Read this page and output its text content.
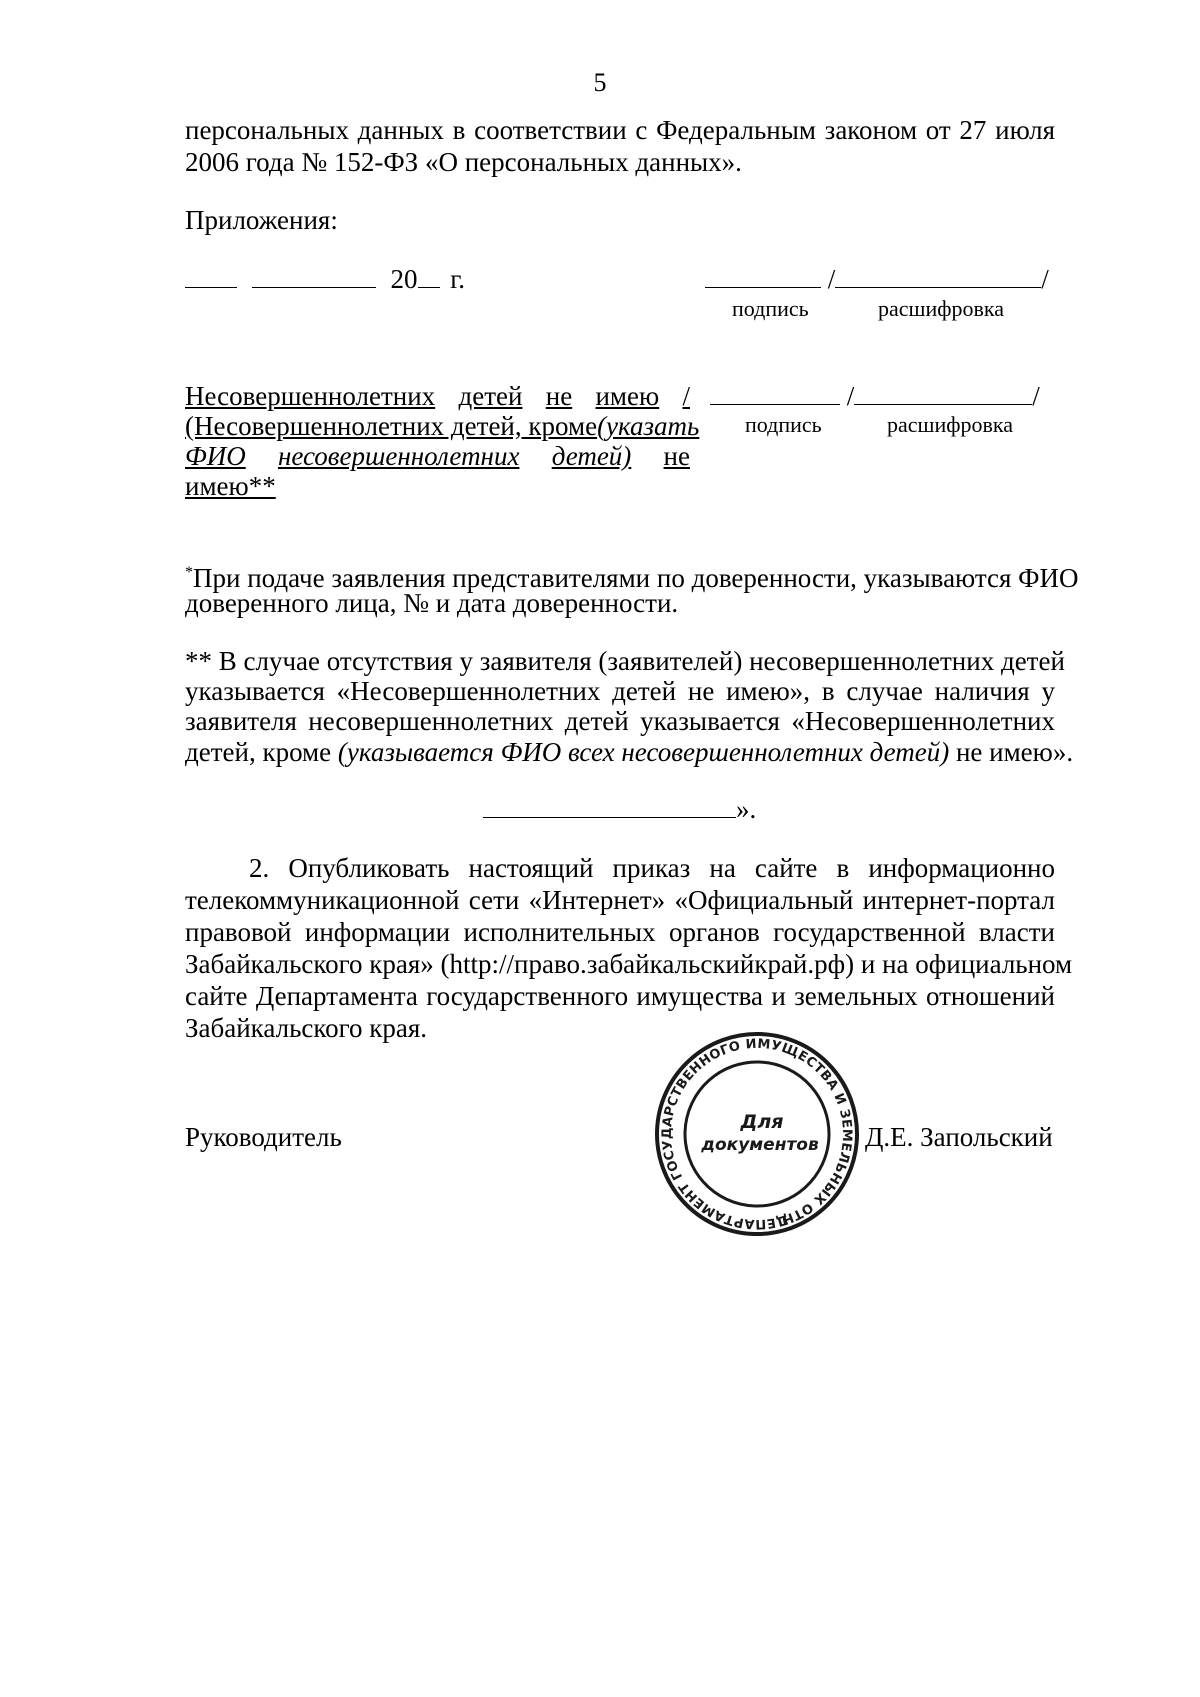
5
персональных данных в соответствии с Федеральным законом от 27 июля
2006 года № 152-ФЗ «О персональных данных».
Приложения:
20 г.	/	/
подпись	расшифровка
Несовершеннолетних детей не имею /
(Несовершеннолетних детей, кроме (указать
ФИО несовершеннолетних детей) не
имею**
/	/
подпись	расшифровка
*При подаче заявления представителями по доверенности, указываются ФИО
доверенного лица, № и дата доверенности.
** В случае отсутствия у заявителя (заявителей) несовершеннолетних детей
указывается «Несовершеннолетних детей не имею», в случае наличия у
заявителя несовершеннолетних детей указывается «Несовершеннолетних
детей, кроме (указывается ФИО всех несовершеннолетних детей) не имею».
».
2. Опубликовать настоящий приказ на сайте в информационно
телекоммуникационной сети «Интернет» «Официальный интернет-портал
правовой информации исполнительных органов государственной власти
Забайкальского края» (http://право.забайкальскийкрай.рф) и на официальном
сайте Департамента государственного имущества и земельных отношений
Забайкальского края.
Руководитель	Д.Е. Запольский
ДЕПАРТАМЕНТ ГОСУДАРСТВЕННОГО ИМУЩЕСТВА И ЗЕМЕЛЬНЫХ ОТНОШЕНИЙ
Для
документов
